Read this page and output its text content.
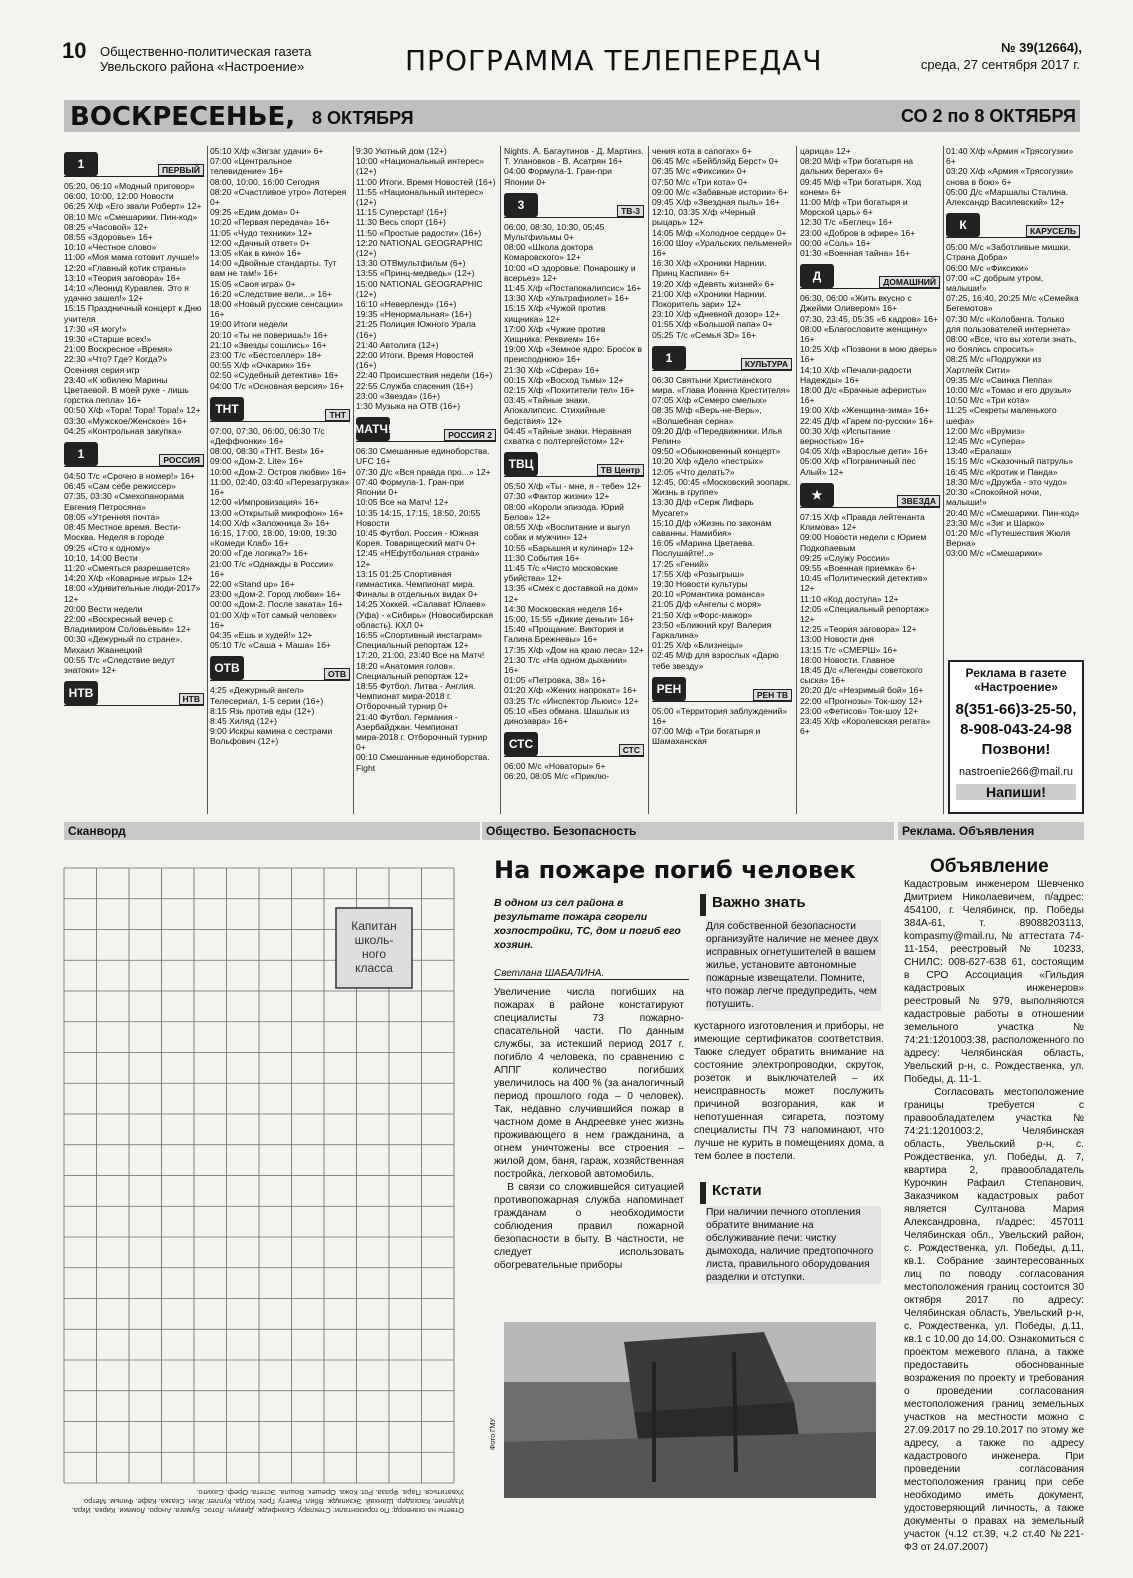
10 Общественно-политическая газета
Увельского района «Настроение»	ПРОГРАММА ТЕЛЕПЕРЕДАЧ	№ 39(12664),
среда, 27 сентября 2017 г.
ВОСКРЕСЕНЬЕ, 8 ОКТЯБРЯ	СО 2 по 8 ОКТЯБРЯ
1	ПЕРВЫЙ

05:20, 06:10 «Модный приговор»

06:00, 10:00, 12:00 Новости

06:25 Х/ф «Его звали Роберт» 12+

08:10 М/с «Смешарики. Пин-код»

08:25 «Часовой» 12+

08:55 «Здоровье» 16+

10:10 «Честное слово»

11:00 «Моя мама готовит лучше!»

12:20 «Главный котик страны»

13:10 «Теория заговора» 16+

14:10 «Леонид Куравлев. Это я удачно зашел!» 12+

15:15 Праздничный концерт к Дню учителя

17:30 «Я могу!»

19:30 «Старше всех!»

21:00 Воскресное «Время»

22:30 «Что? Где? Когда?» Осенняя серия игр

23:40 «К юбилею Марины Цветаевой. В моей руке - лишь горстка пепла» 16+

00:50 Х/ф «Тора! Тора! Тора!» 12+

03:30 «Мужское/Женское» 16+

04:25 «Контрольная закупка»

1	РОССИЯ

04:50 Т/с «Срочно в номер!» 16+

06:45 «Сам себе режиссер»

07:35, 03:30 «Смехопанорама Евгения Петросяна»

08:05 «Утренняя почта»

08:45 Местное время. Вести-Москва. Неделя в городе

09:25 «Сто к одному»

10:10, 14:00 Вести

11:20 «Смеяться разрешается»

14:20 Х/ф «Коварные игры» 12+

18:00 «Удивительные люди-2017» 12+

20:00 Вести недели

22:00 «Воскресный вечер с Владимиром Соловьевым» 12+

00:30 «Дежурный по стране». Михаил Жванецкий

00:55 Т/с «Следствие ведут знатоки» 12+

НТВ	НТВ

05:10 Х/ф «Зигзаг удачи» 6+

07:00 «Центральное телевидение» 16+

08:00, 10:00, 16:00 Сегодня

08:20 «Счастливое утро» Лотерея 0+

09:25 «Едим дома» 0+

10:20 «Первая передача» 16+

11:05 «Чудо техники» 12+

12:00 «Дачный ответ» 0+

13:05 «Как в кино» 16+

14:00 «Двойные стандарты. Тут вам не там!» 16+

15:05 «Своя игра» 0+

16:20 «Следствие вели...» 16+

18:00 «Новый русские сенсации» 16+

19:00 Итоги недели

20:10 «Ты не поверишь!» 16+

21:10 «Звезды сошлись» 16+

23:00 Т/с «Бестселлер» 18+

00:55 Х/ф «Очкарик» 16+

02:50 «Судебный детектив» 16+

04:00 Т/с «Основная версия» 16+

ТНТ	ТНТ

07:00, 07:30, 06:00, 06:30 Т/с «Деффчонки» 16+

08:00, 08:30 «ТНТ. Best» 16+

09:00 «Дом-2. Lite» 16+

10:00 «Дом-2. Остров любви» 16+

11:00, 02:40, 03:40 «Перезагрузка» 16+

12:00 «Импровизация» 16+

13:00 «Открытый микрофон» 16+

14:00 Х/ф «Заложница 3» 16+

16:15, 17:00, 18:00, 19:00, 19:30 «Комеди Клаб» 16+

20:00 «Где логика?» 16+

21:00 Т/с «Однажды в России» 16+

22:00 «Stand up» 16+

23:00 «Дом-2. Город любви» 16+

00:00 «Дом-2. После заката» 16+

01:00 Х/ф «Тот самый человек» 16+

04:35 «Ешь и худей!» 12+

05:10 Т/с «Саша + Маша» 16+

ОТВ	ОТВ

4:25 «Дежурный ангел» Телесериал, 1-5 серии (16+)

8:15 Язь против еды (12+)

8:45 Хиляд (12+)

9:00 Искры камина с сестрами Вольфович (12+)

9:30 Уютный дом (12+)

10:00 «Национальный интерес» (12+)

11:00 Итоги. Время Новостей (16+)

11:55 «Национальный интерес» (12+)

11:15 Суперстар! (16+)

11:30 Весь спорт (16+)

11:50 «Простые радости» (16+)

12:20 NATIONAL GEOGRAPHIC (12+)

13:30 ОТВмультфильм (6+)

13:55 «Принц-медведь» (12+)

15:00 NATIONAL GEOGRAPHIC (12+)

16:10 «Неверленд» (16+)

19:35 «Ненормальная» (16+)

21:25 Полиция Южного Урала (16+)

21:40 Автолига (12+)

22:00 Итоги. Время Новостей (16+)

22:40 Происшествия недели (16+)

22:55 Служба спасения (16+)

23:00 «Звезда» (16+)

1:30 Музыка на ОТВ (16+)

МАТЧ!	РОССИЯ 2

06:30 Смешанные единоборства. UFC 16+

07:30 Д/с «Вся правда про...» 12+

07:40 Формула-1. Гран-при Японии 0+

10:05 Все на Матч! 12+

10:35 14:15, 17:15, 18:50, 20:55 Новости

10:45 Футбол. Россия - Южная Корея. Товарищеский матч 0+

12:45 «НЕфутбольная страна» 12+

13:15 01:25 Спортивная гимнастика. Чемпионат мира. Финалы в отдельных видах 0+

14:25 Хоккей. «Салават Юлаев» (Уфа) - «Сибирь» (Новосибирская область). КХЛ 0+

16:55 «Спортивный инстаграм» Специальный репортаж 12+

17:20, 21:00, 23:40 Все на Матч!

18:20 «Анатомия голов». Специальный репортаж 12+

18:55 Футбол. Литва - Англия. Чемпионат мира-2018 г. Отборочный турнир 0+

21:40 Футбол. Германия - Азербайджан. Чемпионат мира-2018 г. Отборочный турнир 0+

00:10 Смешанные единоборства. Fight

Nights. А. Багаутинов - Д. Мартинз. Т. Улановков - В. Асатрян 16+

04:00 Формула-1. Гран-при Японии 0+

3	ТВ-3

06:00, 08:30, 10:30, 05:45 Мультфильмы 0+

08:00 «Школа доктора Комаровского» 12+

10:00 «О здоровье: Понарошку и всерьез» 12+

11:45 Х/ф «Постапокалипсис» 16+

13:30 Х/ф «Ультрафиолет» 16+

15:15 Х/ф «Чужой против хищника» 12+

17:00 Х/ф «Чужие против Хищника: Реквием» 16+

19:00 Х/ф «Земное ядро: Бросок в преисподнюю» 16+

21:30 Х/ф «Сфера» 16+

00:15 Х/ф «Восход тьмы» 12+

02:15 Х/ф «Похитители тел» 16+

03:45 «Тайные знаки. Апокалипсис. Стихийные бедствия» 12+

04:45 «Тайные знаки. Неравная схватка с полтергейстом» 12+

ТВЦ	ТВ Центр

05:50 Х/ф «Ты - мне, я - тебе» 12+

07:30 «Фактор жизни» 12+

08:00 «Короли эпизода. Юрий Белов» 12+

08:55 Х/ф «Воспитание и выгул собак и мужчин» 12+

10:55 «Барышня и кулинар» 12+

11:30 События 16+

11:45 Т/с «Чисто московские убийства» 12+

13:35 «Смех с доставкой на дом» 12+

14:30 Московская неделя 16+

15:00, 15:55 «Дикие деньги» 16+

15:40 «Прощание. Виктория и Галина Брежневы» 16+

17:35 Х/ф «Дом на краю леса» 12+

21:30 Т/с «На одном дыхании» 16+

01:05 «Петровка, 38» 16+

01:20 Х/ф «Жених напрокат» 16+

03:25 Т/с «Инспектор Льюис» 12+

05:10 «Без обмана. Шашлык из динозавра» 16+

СТС	СТС

06:00 М/с «Новаторы» 6+

06:20, 08:05 М/с «Приклю-

чения кота в сапогах» 6+

06:45 М/с «Бейблэйд Берст» 0+

07:35 М/с «Фиксики» 0+

07:50 М/с «Три кота» 0+

09:00 М/с «Забавные истории» 6+

09:45 Х/ф «Звездная пыль» 16+

12:10, 03:35 Х/ф «Черный рыцарь» 12+

14:05 М/ф «Холодное сердце» 0+

16:00 Шоу «Уральских пельменей» 16+

16:30 Х/ф «Хроники Нарнии. Принц Каспиан» 6+

19:20 Х/ф «Девять жизней» 6+

21:00 Х/ф «Хроники Нарнии. Покоритель зари» 12+

23:10 Х/ф «Дневной дозор» 12+

01:55 Х/ф «Большой папа» 0+

05:25 Т/с «Семья 3D» 16+

1	КУЛЬТУРА

06:30 Святыни Христианского мира. «Глава Иоанна Крестителя»

07:05 Х/ф «Семеро смелых»

08:35 М/ф «Верь-не-Верь», «Волшебная серна»

09:20 Д/ф «Передвижники. Илья Репин»

09:50 «Обыкновенный концерт»

10:20 Х/ф «Дело «пестрых»

12:05 «Что делать?»

12:45, 00:45 «Московский зоопарк. Жизнь в группе»

13:30 Д/ф «Серж Лифарь Мусагет»

15:10 Д/ф «Жизнь по законам саванны. Намибия»

16:05 «Марина Цветаева. Послушайте!..»

17:25 «Гений»

17:55 Х/ф «Розыгрыш»

19:30 Новости культуры

20:10 «Романтика романса»

21:05 Д/ф «Ангелы с моря»

21:50 Х/ф «Форс-мажор»

23:50 «Ближний круг Валерия Гаркалина»

01:25 Х/ф «Близнецы»

02:45 М/ф для взрослых «Дарю тебе звезду»

РЕН	РЕН ТВ

05:00 «Территория заблуждений» 16+

07:00 М/ф «Три богатыря и Шамаханская

царица» 12+

08:20 М/ф «Три богатыря на дальних берегах» 6+

09:45 М/ф «Три богатыря. Ход конем» 6+

11:00 М/ф «Три богатыря и Морской царь» 6+

12:30 Т/с «Беглец» 16+

23:00 «Добров в эфире» 16+

00:00 «Соль» 16+

01:30 «Военная тайна» 16+

Д	ДОМАШНИЙ

06:30, 06:00 «Жить вкусно с Джейми Оливером» 16+

07:30, 23:45, 05:35 «6 кадров» 16+

08:00 «Благословите женщину» 16+

10:25 Х/ф «Позвони в мою дверь» 16+

14:10 Х/ф «Печали-радости Надежды» 16+

18:00 Д/с «Брачные аферисты» 16+

19:00 Х/ф «Женщина-зима» 16+

22:45 Д/ф «Гарем по-русски» 16+

00:30 Х/ф «Испытание верностью» 16+

04:05 Х/ф «Взрослые дети» 16+

05:00 Х/ф «Пограничный пес Алый» 12+

★	ЗВЕЗДА

07:15 Х/ф «Правда лейтенанта Климова» 12+

09:00 Новости недели с Юрием Подкопаевым

09:25 «Служу России»

09:55 «Военная приемка» 6+

10:45 «Политический детектив» 12+

11:10 «Код доступа» 12+

12:05 «Специальный репортаж» 12+

12:25 «Теория заговора» 12+

13:00 Новости дня

13:15 Т/с «СМЕРШ» 16+

18:00 Новости. Главное

18:45 Д/с «Легенды советского сыска» 16+

20:20 Д/с «Незримый бой» 16+

22:00 «Прогнозы» Ток-шоу 12+

23:00 «Фетисов» Ток-шоу 12+

23:45 Х/ф «Королевская регата» 6+

01:40 Х/ф «Армия «Трясогузки» 6+

03:20 Х/ф «Армия «Трясогузки» снова в бою» 6+

05:00 Д/с «Маршалы Сталина. Александр Василевский» 12+

К	КАРУСЕЛЬ

05:00 М/с «Заботливые мишки. Страна Добра»

06:00 М/с «Фиксики»

07:00 «С добрым утром, малыши!»

07:25, 16:40, 20:25 М/с «Семейка Бегемотов»

07:30 М/с «Колобанга. Только для пользователей интернета»

08:00 «Все, что вы хотели знать, но боялись спросить»

08:25 М/с «Подружки из Хартлейк Сити»

09:35 М/с «Свинка Пеппа»

10:00 М/с «Томас и его друзья»

10:50 М/с «Три кота»

11:25 «Секреты маленького шефа»

12:00 М/с «Врумиз»

12:45 М/с «Супера»

13:40 «Ералаш»

15:15 М/с «Сказочный патруль»

16:45 М/с «Кротик и Панда»

18:30 М/с «Дружба - это чудо»

20:30 «Спокойной ночи, малыши!»

20:40 М/с «Смешарики. Пин-код»

23:30 М/с «Зиг и Шарко»

01:20 М/с «Путешествия Жюля Верна»

03:00 М/с «Смешарики»

Реклама в газете
«Настроение»
8(351-66)3-25-50,
8-908-043-24-98
Позвони!
nastroenie266@mail.ru
Напиши!
Сканворд	Общество. Безопасность	Реклама. Объявления
Капитан школь-ного класса
Ответы на сканворд: По горизонтали: Стекляру. Сканфидж. Дивиун. Лотос. Бумага. Аноро. Ломаки. Кирка. Икра. Изделие. Каскадер. Шанхай. Экзипадж. Вбил. Ракету. Грех. Когда. Куплет. Жан. Сказка. Кафе. Фильм. Метро. Ухватиться. Пара. Фраза. Рот. Кожа. Орешек. Вошла. Эстета. Ореф. Сахито.
На пожаре погиб человек
В одном из сел района в результате пожара сгорели хозпостройки, ТС, дом и погиб его хозяин.
Светлана ШАБАЛИНА.
Увеличение числа погибших на пожарах в районе констатируют специалисты 73 пожарно-спасательной части. По данным службы, за истекший период 2017 г. погибло 4 человека, по сравнению с АППГ количество погибших увеличилось на 400 % (за аналогичный период прошлого года – 0 человек). Так, недавно случившийся пожар в частном доме в Андреевке унес жизнь проживающего в нем гражданина, а огнем уничтожены все строения – жилой дом, баня, гараж, хозяйственная постройка, легковой автомобиль.
В связи со сложившейся ситуацией противопожарная служба напоминает гражданам о необходимости соблюдения правил пожарной безопасности в быту. В частности, не следует использовать обогревательные приборы
Важно знать
Для собственной безопасности организуйте наличие не менее двух исправных огнетушителей в вашем жилье, установите автономные пожарные извещатели. Помните, что пожар легче предупредить, чем потушить.
кустарного изготовления и приборы, не имеющие сертификатов соответствия. Также следует обратить внимание на состояние электропроводки, скруток, розеток и выключателей – их неисправность может послужить причиной возгорания, как и непотушенная сигарета, поэтому специалисты ПЧ 73 напоминают, что лучше не курить в помещениях дома, а тем более в постели.
Кстати
При наличии печного отопления обратите внимание на обслуживание печи: чистку дымохода, наличие предтопочного листа, правильного оборудования разделки и отступки.
Фото ГМУ
Объявление
Кадастровым инженером Шевченко Дмитрием Николаевичем, п/адрес: 454100, г. Челябинск, пр. Победы 384А-61, т. 89088203113, kompasmy@mail.ru, № аттестата 74-11-154, реестровый № 10233, СНИЛС: 008-627-638 61, состоящим в СРО Ассоциация «Гильдия кадастровых инженеров» реестровый № 979, выполняются кадастровые работы в отношении земельного участка № 74:21:1201003:38, расположенного по адресу: Челябинская область, Увельский р-н, с. Рождественка, ул. Победы, д. 11-1.
Согласовать местоположение границы требуется с правообладателем участка № 74:21:1201003:2, Челябинская область, Увельский р-н, с. Рождественка, ул. Победы, д. 7, квартира 2, правообладатель Курочкин Рафаил Степанович. Заказчиком кадастровых работ является Султанова Мария Александровна, п/адрес: 457011 Челябинская обл., Увельский район, с. Рождественка, ул. Победы, д.11, кв.1. Собрание заинтересованных лиц по поводу согласования местоположения границ состоится 30 октября 2017 по адресу: Челябинская область, Увельский р-н, с. Рождественка, ул. Победы, д.11, кв.1 с 10.00 до 14.00. Ознакомиться с проектом межевого плана, а также предоставить обоснованные возражения по проекту и требования о проведении согласования местоположения границ земельных участков на местности можно с 27.09.2017 по 29.10.2017 по этому же адресу, а также по адресу кадастрового инженера. При проведении согласования местоположения границ при себе необходимо иметь документ, удостоверяющий личность, а также документы о правах на земельный участок (ч.12 ст.39, ч.2 ст.40 №221-ФЗ от 24.07.2007)
